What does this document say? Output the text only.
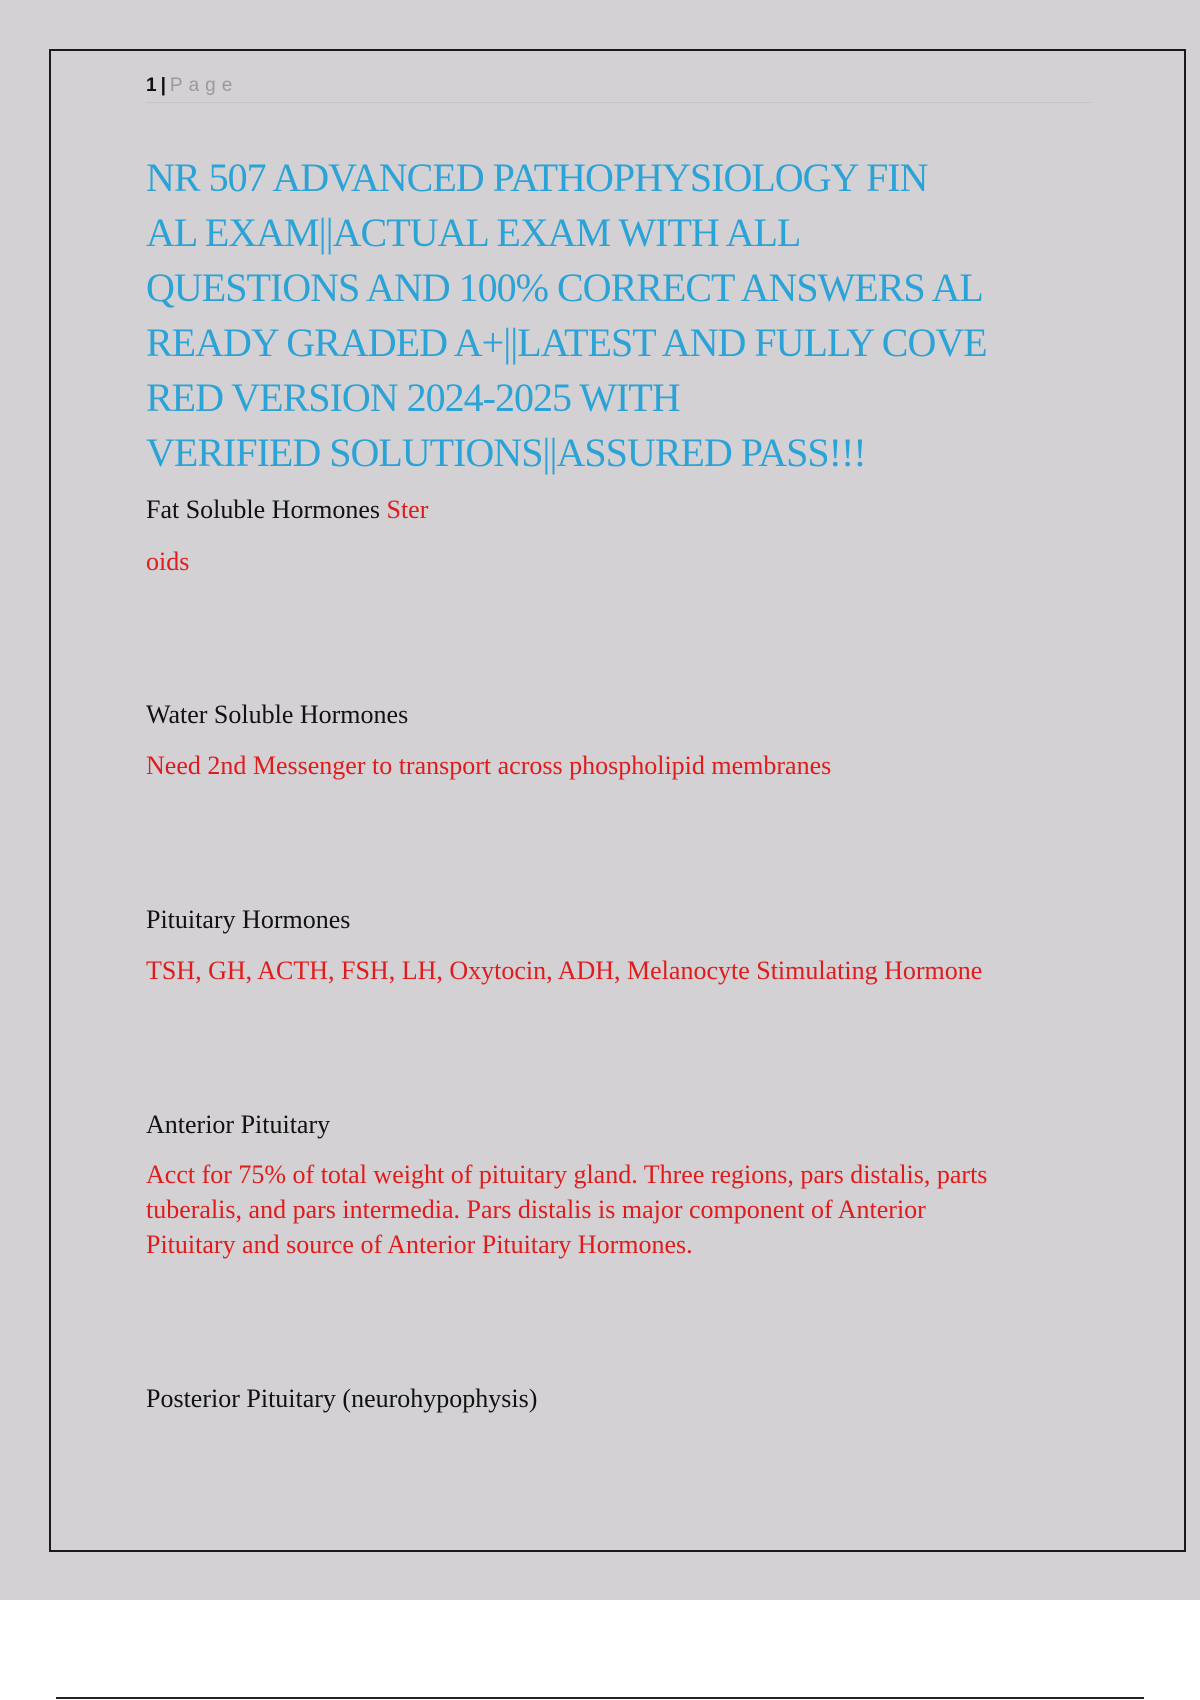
1 | Page
NR 507 ADVANCED PATHOPHYSIOLOGY FIN
AL EXAM||ACTUAL EXAM WITH ALL
QUESTIONS AND 100% CORRECT ANSWERS AL
READY GRADED A+||LATEST AND FULLY COVE
RED VERSION 2024-2025 WITH
VERIFIED SOLUTIONS||ASSURED PASS!!!

Fat Soluble Hormones Ster

oids

Water Soluble Hormones

Need 2nd Messenger to transport across phospholipid membranes

Pituitary Hormones

TSH, GH, ACTH, FSH, LH, Oxytocin, ADH, Melanocyte Stimulating Hormone

Anterior Pituitary

Acct for 75% of total weight of pituitary gland. Three regions, pars distalis, parts
tuberalis, and pars intermedia. Pars distalis is major component of Anterior
Pituitary and source of Anterior Pituitary Hormones.

Posterior Pituitary (neurohypophysis)
